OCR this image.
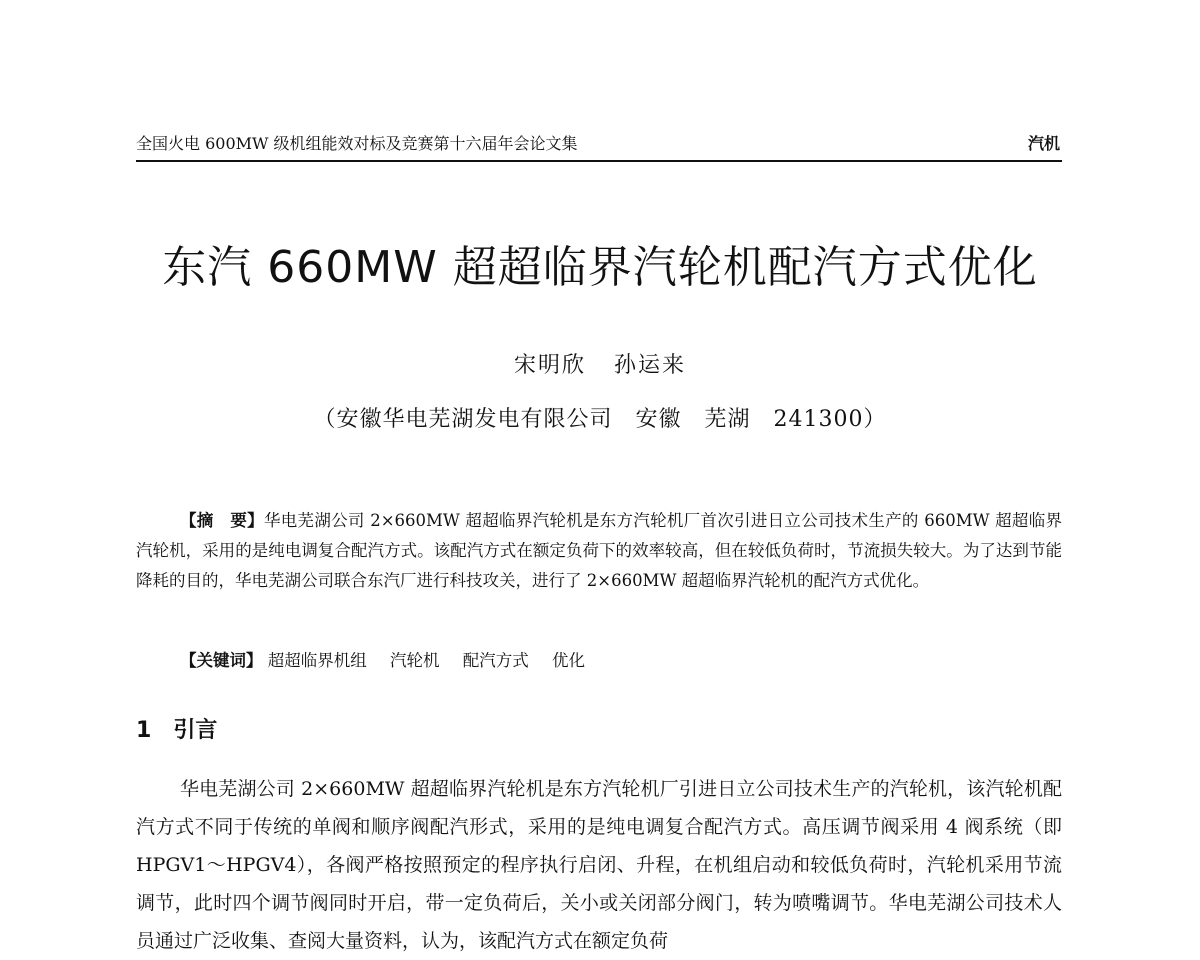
全国火电 600MW 级机组能效对标及竞赛第十六届年会论文集	汽机
东汽 660MW 超超临界汽轮机配汽方式优化
宋明欣 孙运来
（安徽华电芜湖发电有限公司　安徽　芜湖　241300）

【摘　要】华电芜湖公司 2×660MW 超超临界汽轮机是东方汽轮机厂首次引进日立公司技术生产的 660MW 超超临界汽轮机，采用的是纯电调复合配汽方式。该配汽方式在额定负荷下的效率较高，但在较低负荷时，节流损失较大。为了达到节能降耗的目的，华电芜湖公司联合东汽厂进行科技攻关，进行了 2×660MW 超超临界汽轮机的配汽方式优化。

【关键词】 超超临界机组 汽轮机 配汽方式 优化
1 引言

华电芜湖公司 2×660MW 超超临界汽轮机是东方汽轮机厂引进日立公司技术生产的汽轮机，该汽轮机配汽方式不同于传统的单阀和顺序阀配汽形式，采用的是纯电调复合配汽方式。高压调节阀采用 4 阀系统（即 HPGV1～HPGV4），各阀严格按照预定的程序执行启闭、升程，在机组启动和较低负荷时，汽轮机采用节流调节，此时四个调节阀同时开启，带一定负荷后，关小或关闭部分阀门，转为喷嘴调节。华电芜湖公司技术人员通过广泛收集、查阅大量资料，认为，该配汽方式在额定负荷
